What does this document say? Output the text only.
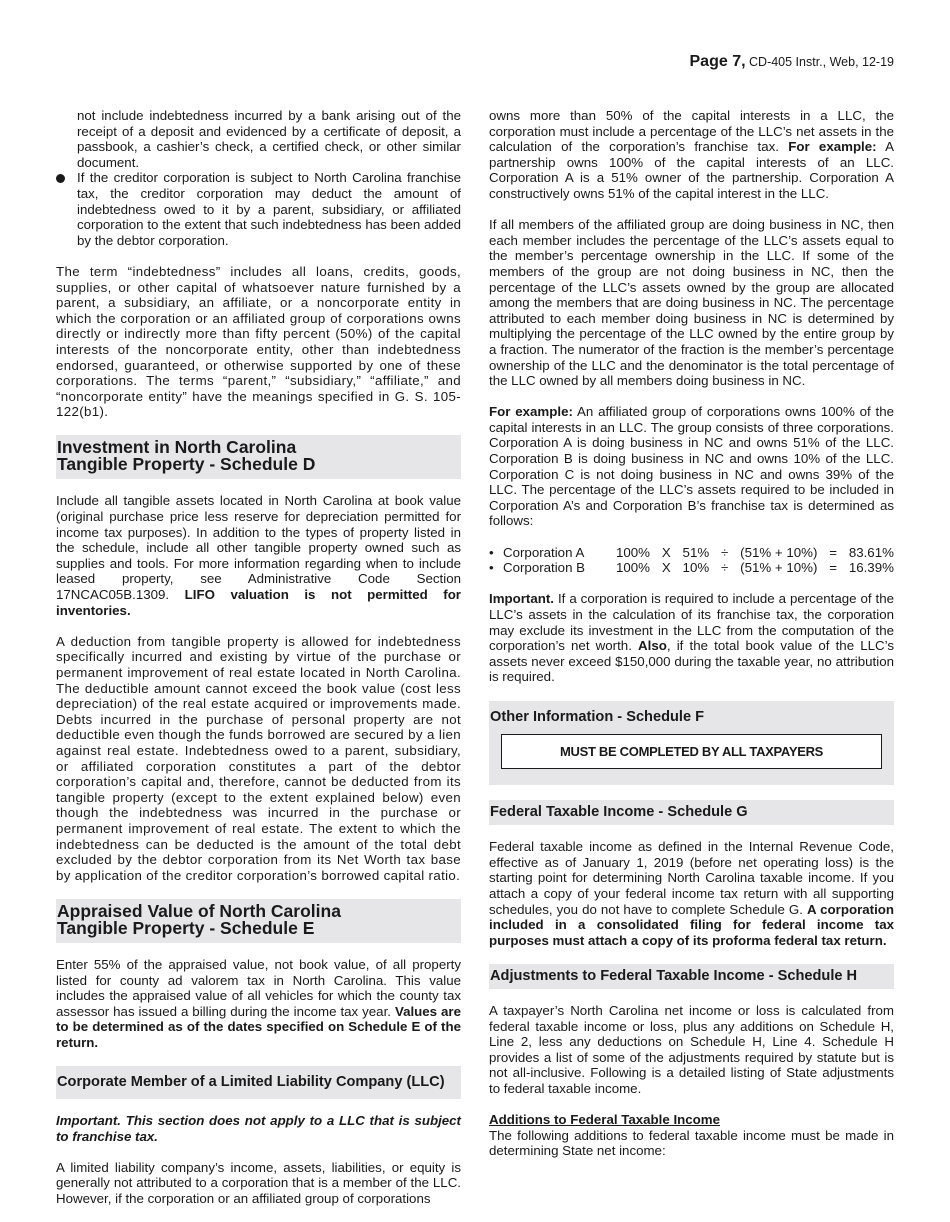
Page 7, CD-405 Instr., Web, 12-19

not include indebtedness incurred by a bank arising out of the receipt of a deposit and evidenced by a certificate of deposit, a passbook, a cashier’s check, a certified check, or other similar document.

If the creditor corporation is subject to North Carolina franchise tax, the creditor corporation may deduct the amount of indebtedness owed to it by a parent, subsidiary, or affiliated corporation to the extent that such indebtedness has been added by the debtor corporation.

The term “indebtedness” includes all loans, credits, goods, supplies, or other capital of whatsoever nature furnished by a parent, a subsidiary, an affiliate, or a noncorporate entity in which the corporation or an affiliated group of corporations owns directly or indirectly more than fifty percent (50%) of the capital interests of the noncorporate entity, other than indebtedness endorsed, guaranteed, or otherwise supported by one of these corporations. The terms “parent,” “subsidiary,” “affiliate,” and “noncorporate entity” have the meanings specified in G. S. 105-122(b1).

Investment in North Carolina
Tangible Property - Schedule D

Include all tangible assets located in North Carolina at book value (original purchase price less reserve for depreciation permitted for income tax purposes). In addition to the types of property listed in the schedule, include all other tangible property owned such as supplies and tools. For more information regarding when to include leased property, see Administrative Code Section 17NCAC05B.1309. LIFO valuation is not permitted for inventories.

A deduction from tangible property is allowed for indebtedness specifically incurred and existing by virtue of the purchase or permanent improvement of real estate located in North Carolina. The deductible amount cannot exceed the book value (cost less depreciation) of the real estate acquired or improvements made. Debts incurred in the purchase of personal property are not deductible even though the funds borrowed are secured by a lien against real estate. Indebtedness owed to a parent, subsidiary, or affiliated corporation constitutes a part of the debtor corporation’s capital and, therefore, cannot be deducted from its tangible property (except to the extent explained below) even though the indebtedness was incurred in the purchase or permanent improvement of real estate. The extent to which the indebtedness can be deducted is the amount of the total debt excluded by the debtor corporation from its Net Worth tax base by application of the creditor corporation’s borrowed capital ratio.

Appraised Value of North Carolina
Tangible Property - Schedule E

Enter 55% of the appraised value, not book value, of all property listed for county ad valorem tax in North Carolina. This value includes the appraised value of all vehicles for which the county tax assessor has issued a billing during the income tax year. Values are to be determined as of the dates specified on Schedule E of the return.

Corporate Member of a Limited Liability Company (LLC)

Important. This section does not apply to a LLC that is subject to franchise tax.

A limited liability company’s income, assets, liabilities, or equity is generally not attributed to a corporation that is a member of the LLC. However, if the corporation or an affiliated group of corporations

owns more than 50% of the capital interests in a LLC, the corporation must include a percentage of the LLC’s net assets in the calculation of the corporation’s franchise tax. For example: A partnership owns 100% of the capital interests of an LLC. Corporation A is a 51% owner of the partnership. Corporation A constructively owns 51% of the capital interest in the LLC.

If all members of the affiliated group are doing business in NC, then each member includes the percentage of the LLC’s assets equal to the member’s percentage ownership in the LLC. If some of the members of the group are not doing business in NC, then the percentage of the LLC’s assets owned by the group are allocated among the members that are doing business in NC. The percentage attributed to each member doing business in NC is determined by multiplying the percentage of the LLC owned by the entire group by a fraction. The numerator of the fraction is the member’s percentage ownership of the LLC and the denominator is the total percentage of the LLC owned by all members doing business in NC.

For example: An affiliated group of corporations owns 100% of the capital interests in an LLC. The group consists of three corporations. Corporation A is doing business in NC and owns 51% of the LLC. Corporation B is doing business in NC and owns 10% of the LLC. Corporation C is not doing business in NC and owns 39% of the LLC. The percentage of the LLC’s assets required to be included in Corporation A’s and Corporation B’s franchise tax is determined as follows:

• Corporation A	100% X 51% ÷ (51% + 10%) = 83.61%
• Corporation B	100% X 10% ÷ (51% + 10%) = 16.39%

Important. If a corporation is required to include a percentage of the LLC’s assets in the calculation of its franchise tax, the corporation may exclude its investment in the LLC from the computation of the corporation’s net worth. Also, if the total book value of the LLC’s assets never exceed $150,000 during the taxable year, no attribution is required.

Other Information - Schedule F
MUST BE COMPLETED BY ALL TAXPAYERS
Federal Taxable Income - Schedule G

Federal taxable income as defined in the Internal Revenue Code, effective as of January 1, 2019 (before net operating loss) is the starting point for determining North Carolina taxable income. If you attach a copy of your federal income tax return with all supporting schedules, you do not have to complete Schedule G. A corporation included in a consolidated filing for federal income tax purposes must attach a copy of its proforma federal tax return.

Adjustments to Federal Taxable Income - Schedule H

A taxpayer’s North Carolina net income or loss is calculated from federal taxable income or loss, plus any additions on Schedule H, Line 2, less any deductions on Schedule H, Line 4. Schedule H provides a list of some of the adjustments required by statute but is not all-inclusive. Following is a detailed listing of State adjustments to federal taxable income.

Additions to Federal Taxable Income

The following additions to federal taxable income must be made in determining State net income:
